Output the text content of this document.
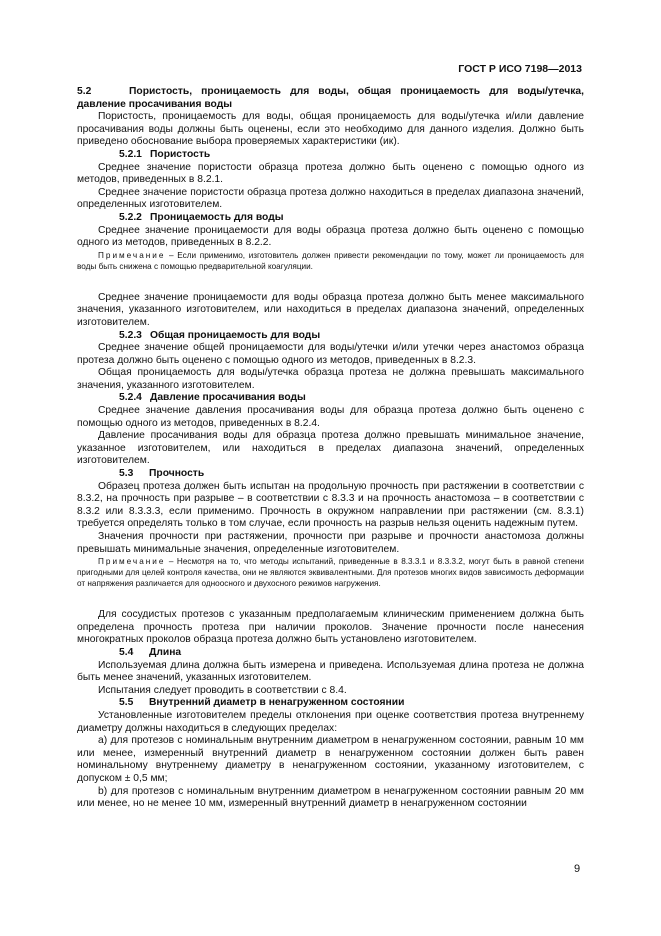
ГОСТ Р ИСО 7198—2013

5.2	Пористость, проницаемость для воды, общая проницаемость для воды/утечка, давление просачивания воды

Пористость, проницаемость для воды, общая проницаемость для воды/утечка и/или давление просачивания воды должны быть оценены, если это необходимо для данного изделия. Должно быть приведено обоснование выбора проверяемых характеристики (ик).

5.2.1 Пористость

Среднее значение пористости образца протеза должно быть оценено с помощью одного из методов, приведенных в 8.2.1.

Среднее значение пористости образца протеза должно находиться в пределах диапазона значений, определенных изготовителем.

5.2.2 Проницаемость для воды

Среднее значение проницаемости для воды образца протеза должно быть оценено с помощью одного из методов, приведенных в 8.2.2.

Примечание – Если применимо, изготовитель должен привести рекомендации по тому, может ли проницаемость для воды быть снижена с помощью предварительной коагуляции.

Среднее значение проницаемости для воды образца протеза должно быть менее максимального значения, указанного изготовителем, или находиться в пределах диапазона значений, определенных изготовителем.

5.2.3 Общая проницаемость для воды

Среднее значение общей проницаемости для воды/утечки и/или утечки через анастомоз образца протеза должно быть оценено с помощью одного из методов, приведенных в 8.2.3.

Общая проницаемость для воды/утечка образца протеза не должна превышать максимального значения, указанного изготовителем.

5.2.4 Давление просачивания воды

Среднее значение давления просачивания воды для образца протеза должно быть оценено с помощью одного из методов, приведенных в 8.2.4.

Давление просачивания воды для образца протеза должно превышать минимальное значение, указанное изготовителем, или находиться в пределах диапазона значений, определенных изготовителем.

5.3 Прочность

Образец протеза должен быть испытан на продольную прочность при растяжении в соответствии с 8.3.2, на прочность при разрыве – в соответствии с 8.3.3 и на прочность анастомоза – в соответствии с 8.3.2 или 8.3.3.3, если применимо. Прочность в окружном направлении при растяжении (см. 8.3.1) требуется определять только в том случае, если прочность на разрыв нельзя оценить надежным путем.

Значения прочности при растяжении, прочности при разрыве и прочности анастомоза должны превышать минимальные значения, определенные изготовителем.

Примечание – Несмотря на то, что методы испытаний, приведенные в 8.3.3.1 и 8.3.3.2, могут быть в равной степени пригодными для целей контроля качества, они не являются эквивалентными. Для протезов многих видов зависимость деформации от напряжения различается для одноосного и двухосного режимов нагружения.

Для сосудистых протезов с указанным предполагаемым клиническим применением должна быть определена прочность протеза при наличии проколов. Значение прочности после нанесения многократных проколов образца протеза должно быть установлено изготовителем.

5.4 Длина

Используемая длина должна быть измерена и приведена. Используемая длина протеза не должна быть менее значений, указанных изготовителем.

Испытания следует проводить в соответствии с 8.4.

5.5 Внутренний диаметр в ненагруженном состоянии

Установленные изготовителем пределы отклонения при оценке соответствия протеза внутреннему диаметру должны находиться в следующих пределах:

а) для протезов с номинальным внутренним диаметром в ненагруженном состоянии, равным 10 мм или менее, измеренный внутренний диаметр в ненагруженном состоянии должен быть равен номинальному внутреннему диаметру в ненагруженном состоянии, указанному изготовителем, с допуском ± 0,5 мм;

b) для протезов с номинальным внутренним диаметром в ненагруженном состоянии равным 20 мм или менее, но не менее 10 мм, измеренный внутренний диаметр в ненагруженном состоянии

9
